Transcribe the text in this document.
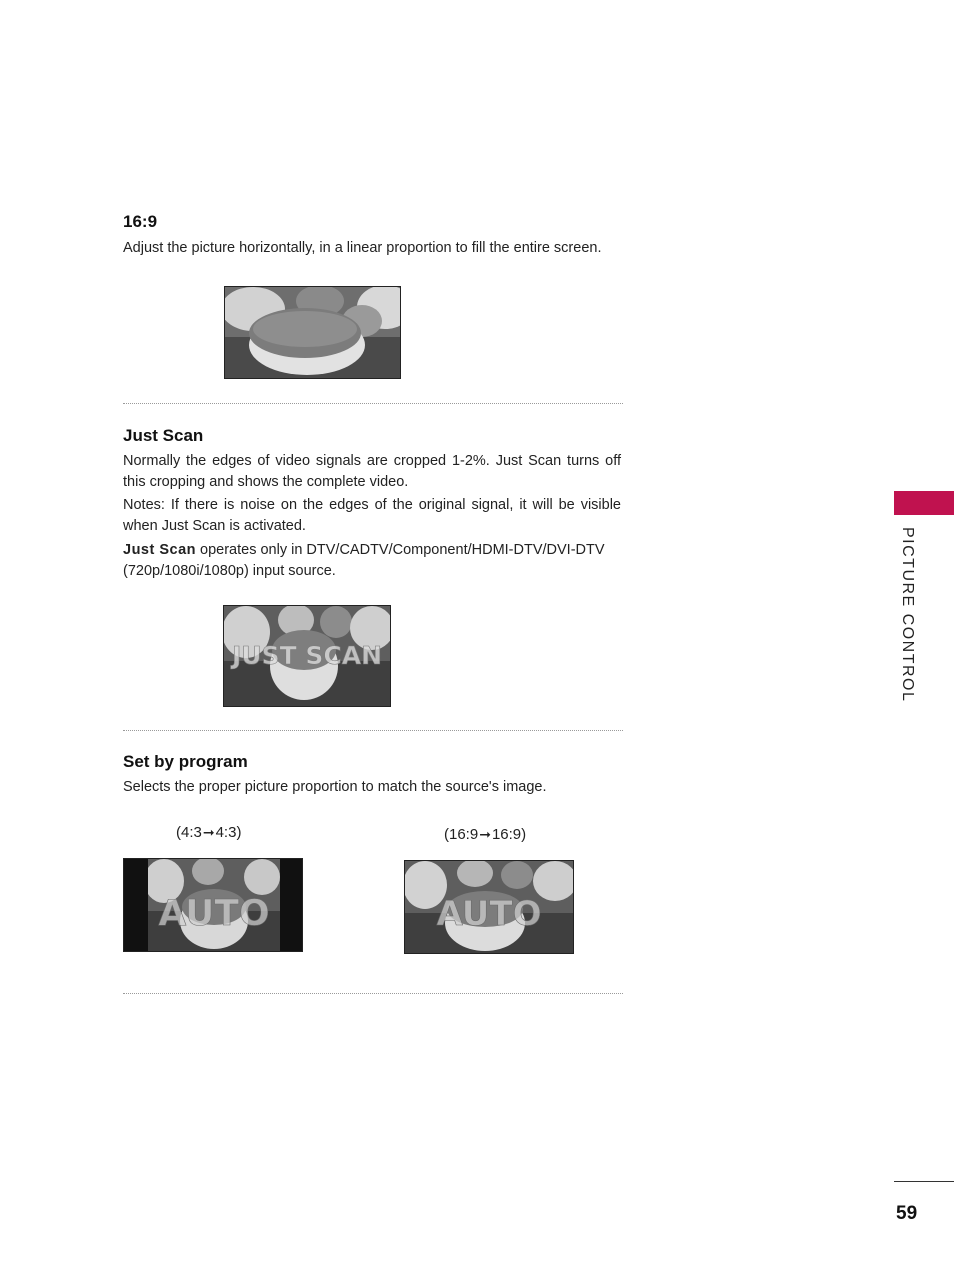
16:9

Adjust the picture horizontally, in a linear proportion to fill the entire screen.

Just Scan

Normally the edges of video signals are cropped 1-2%. Just Scan turns off this cropping and shows the complete video.

Notes: If there is noise on the edges of the original signal, it will be visible when Just Scan is activated.

Just Scan operates only in DTV/CADTV/Component/HDMI-DTV/DVI-DTV (720p/1080i/1080p) input source.

JUST SCAN
Set by program

Selects the proper picture proportion to match the source's image.

(4:3➞4:3)	(16:9➞16:9)
AUTO	AUTO
PICTURE CONTROL
59
